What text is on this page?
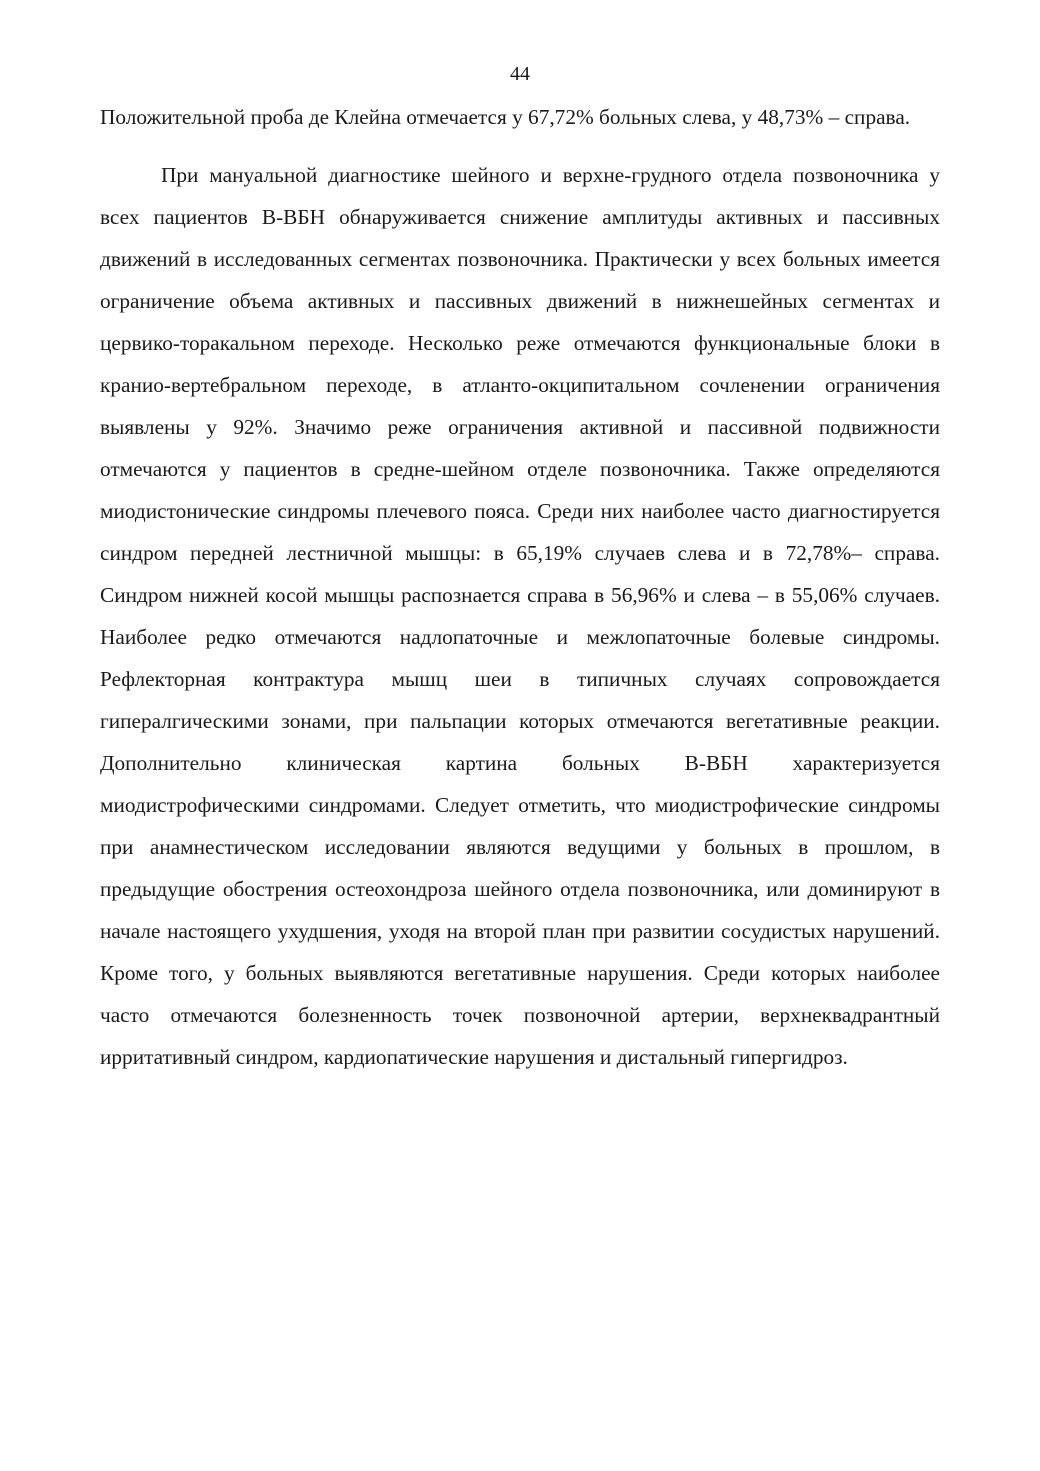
44

Положительной проба де Клейна отмечается у 67,72% больных слева, у 48,73% – справа.

При мануальной диагностике шейного и верхне-грудного отдела позвоночника у всех пациентов В-ВБН обнаруживается снижение амплитуды активных и пассивных движений в исследованных сегментах позвоночника. Практически у всех больных имеется ограничение объема активных и пассивных движений в нижнешейных сегментах и цервико-торакальном переходе. Несколько реже отмечаются функциональные блоки в кранио-вертебральном переходе, в атланто-окципитальном сочленении ограничения выявлены у 92%. Значимо реже ограничения активной и пассивной подвижности отмечаются у пациентов в средне-шейном отделе позвоночника. Также определяются миодистонические синдромы плечевого пояса. Среди них наиболее часто диагностируется синдром передней лестничной мышцы: в 65,19% случаев слева и в 72,78%– справа. Синдром нижней косой мышцы распознается справа в 56,96% и слева – в 55,06% случаев. Наиболее редко отмечаются надлопаточные и межлопаточные болевые синдромы. Рефлекторная контрактура мышц шеи в типичных случаях сопровождается гипералгическими зонами, при пальпации которых отмечаются вегетативные реакции. Дополнительно клиническая картина больных В-ВБН характеризуется миодистрофическими синдромами. Следует отметить, что миодистрофические синдромы при анамнестическом исследовании являются ведущими у больных в прошлом, в предыдущие обострения остеохондроза шейного отдела позвоночника, или доминируют в начале настоящего ухудшения, уходя на второй план при развитии сосудистых нарушений. Кроме того, у больных выявляются вегетативные нарушения. Среди которых наиболее часто отмечаются болезненность точек позвоночной артерии, верхнеквадрантный ирритативный синдром, кардиопатические нарушения и дистальный гипергидроз.
